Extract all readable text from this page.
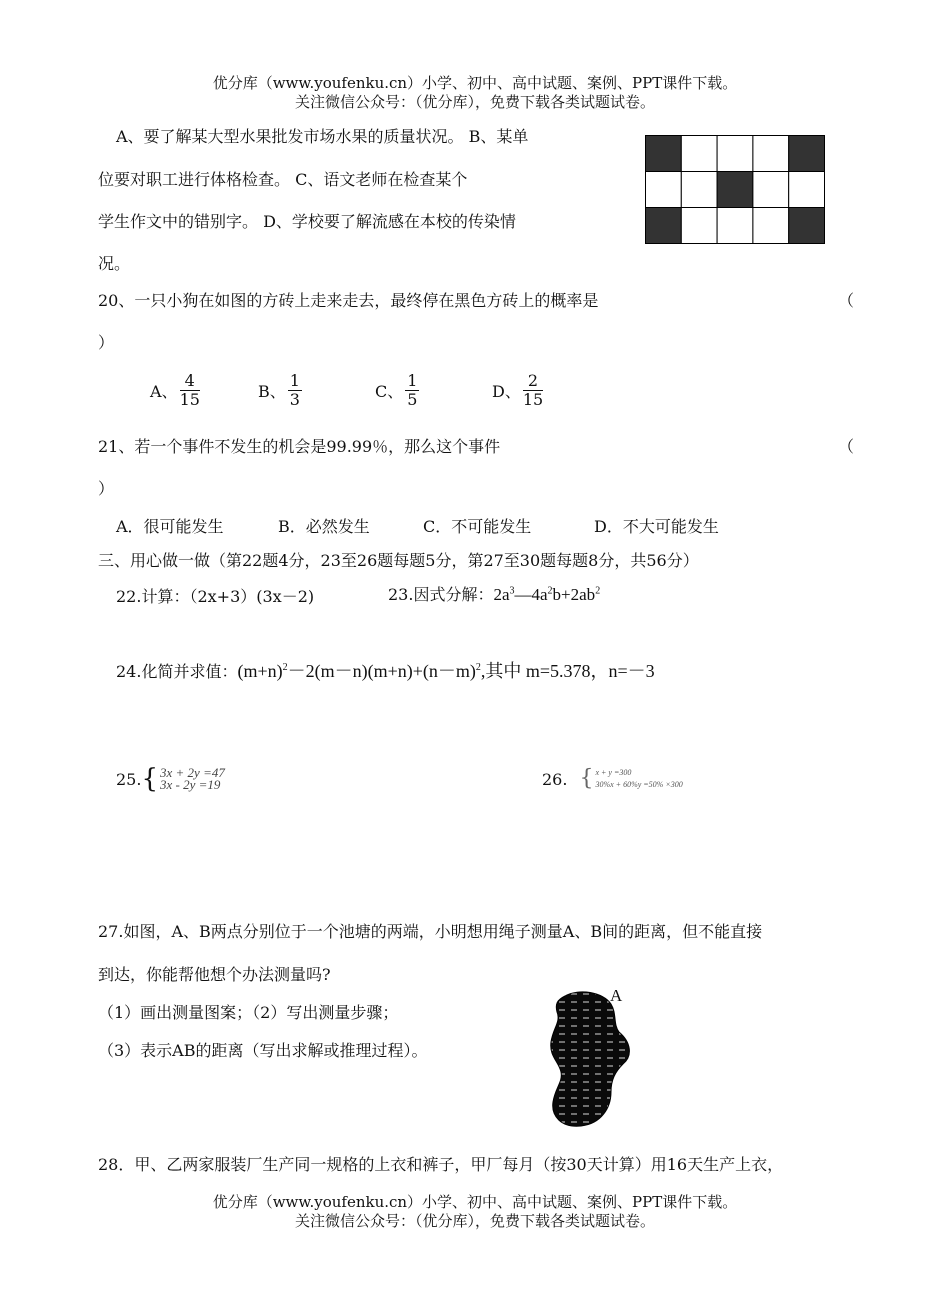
优分库（www.youfenku.cn）小学、初中、高中试题、案例、PPT课件下载。
关注微信公众号：（优分库），免费下载各类试题试卷。
A、要了解某大型水果批发市场水果的质量状况。 B、某单
位要对职工进行体格检查。 C、语文老师在检查某个
学生作文中的错别字。 D、学校要了解流感在本校的传染情
况。
20、一只小狗在如图的方砖上走来走去，最终停在黑色方砖上的概率是	（
）
A、 $\frac{4}{15}$	B、 $\frac{1}{3}$	C、 $\frac{1}{5}$	D、 $\frac{2}{15}$
21、若一个事件不发生的机会是99.99％，那么这个事件	（
）
A．很可能发生	B．必然发生	C．不可能发生	D．不大可能发生
三、用心做一做（第22题4分，23至26题每题5分，第27至30题每题8分，共56分）
22.计算：（2x+3）(3x－2)	23.因式分解：$2a^3—4a^2b+2ab^2$
24.化简并求值：$(m+n)^2-2(m-n)(m+n)+(n-m)^2$,其中 m=5.378，n=－3
25. { 3x + 2y =47
3x - 2y =19	26. { x + y =300
30%x + 60%y =50% ×300
27.如图，A、B两点分别位于一个池塘的两端，小明想用绳子测量A、B间的距离，但不能直接
到达，你能帮他想个办法测量吗?
（1）画出测量图案；（2）写出测量步骤；
（3）表示AB的距离（写出求解或推理过程）。
A
28．甲、乙两家服装厂生产同一规格的上衣和裤子，甲厂每月（按30天计算）用16天生产上衣，
优分库（www.youfenku.cn）小学、初中、高中试题、案例、PPT课件下载。
关注微信公众号：（优分库），免费下载各类试题试卷。
